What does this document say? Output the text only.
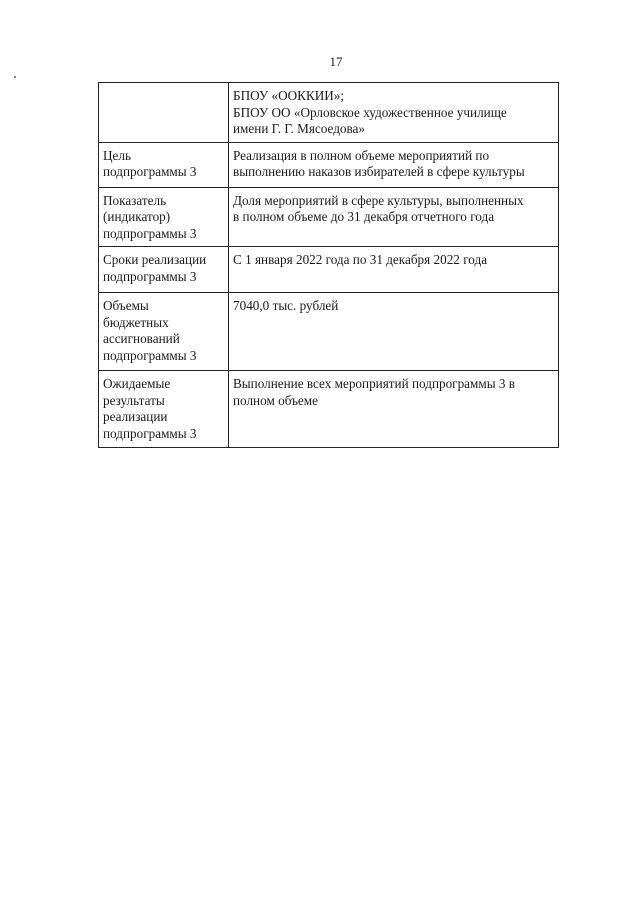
17

	БПОУ «ООККИИ»;
БПОУ ОО «Орловское художественное училище
имени Г. Г. Мясоедова»

Цель
подпрограммы 3	Реализация в полном объеме мероприятий по
выполнению наказов избирателей в сфере культуры

Показатель
(индикатор)
подпрограммы 3	Доля мероприятий в сфере культуры, выполненных
в полном объеме до 31 декабря отчетного года

Сроки реализации
подпрограммы 3	С 1 января 2022 года по 31 декабря 2022 года

Объемы
бюджетных
ассигнований
подпрограммы 3	7040,0 тыс. рублей

Ожидаемые
результаты
реализации
подпрограммы 3	Выполнение всех мероприятий подпрограммы 3 в
полном объеме
